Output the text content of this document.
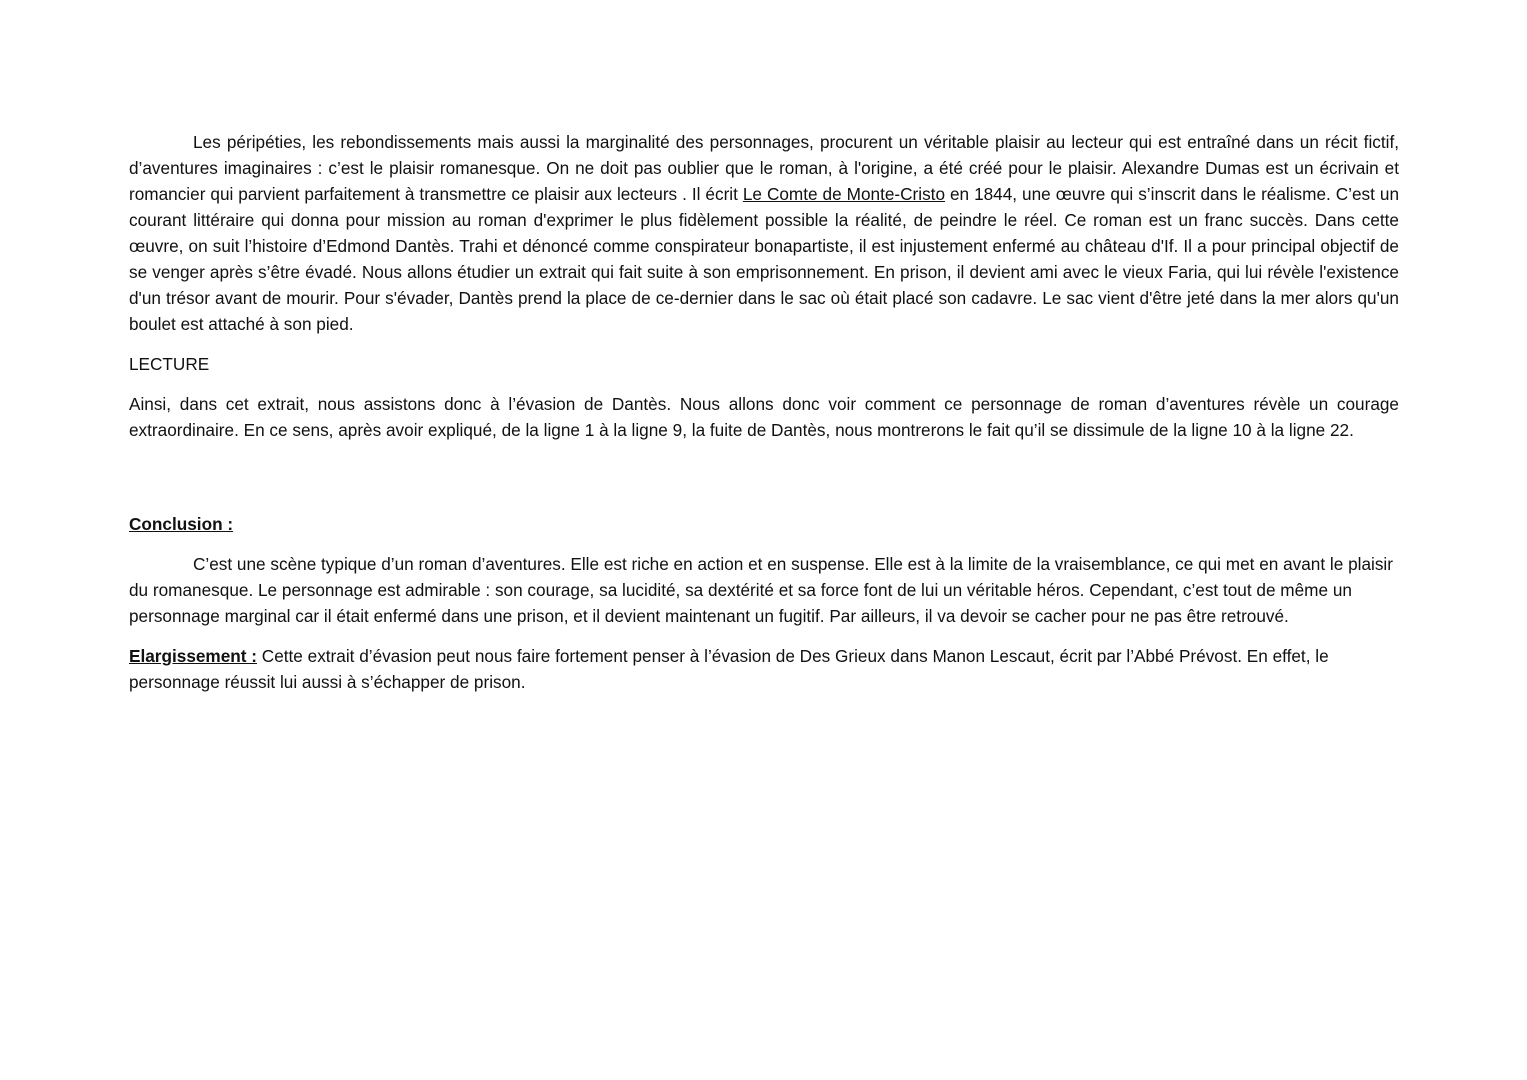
Les péripéties, les rebondissements mais aussi la marginalité des personnages, procurent un véritable plaisir au lecteur qui est entraîné dans un récit fictif, d’aventures imaginaires : c’est le plaisir romanesque. On ne doit pas oublier que le roman, à l'origine, a été créé pour le plaisir. Alexandre Dumas est un écrivain et romancier qui parvient parfaitement à transmettre ce plaisir aux lecteurs . Il écrit Le Comte de Monte-Cristo en 1844, une œuvre qui s’inscrit dans le réalisme. C’est un courant littéraire qui donna pour mission au roman d'exprimer le plus fidèlement possible la réalité, de peindre le réel. Ce roman est un franc succès. Dans cette œuvre, on suit l’histoire d’Edmond Dantès. Trahi et dénoncé comme conspirateur bonapartiste, il est injustement enfermé au château d'If. Il a pour principal objectif de se venger après s’être évadé. Nous allons étudier un extrait qui fait suite à son emprisonnement. En prison, il devient ami avec le vieux Faria, qui lui révèle l'existence d'un trésor avant de mourir. Pour s'évader, Dantès prend la place de ce-dernier dans le sac où était placé son cadavre. Le sac vient d'être jeté dans la mer alors qu'un boulet est attaché à son pied.

LECTURE

Ainsi, dans cet extrait, nous assistons donc à l’évasion de Dantès. Nous allons donc voir comment ce personnage de roman d’aventures révèle un courage extraordinaire. En ce sens, après avoir expliqué, de la ligne 1 à la ligne 9, la fuite de Dantès, nous montrerons le fait qu’il se dissimule de la ligne 10 à la ligne 22.

Conclusion :

C’est une scène typique d’un roman d’aventures. Elle est riche en action et en suspense. Elle est à la limite de la vraisemblance, ce qui met en avant le plaisir du romanesque. Le personnage est admirable : son courage, sa lucidité, sa dextérité et sa force font de lui un véritable héros. Cependant, c’est tout de même un personnage marginal car il était enfermé dans une prison, et il devient maintenant un fugitif. Par ailleurs, il va devoir se cacher pour ne pas être retrouvé.

Elargissement : Cette extrait d’évasion peut nous faire fortement penser à l’évasion de Des Grieux dans Manon Lescaut, écrit par l’Abbé Prévost. En effet, le personnage réussit lui aussi à s’échapper de prison.
